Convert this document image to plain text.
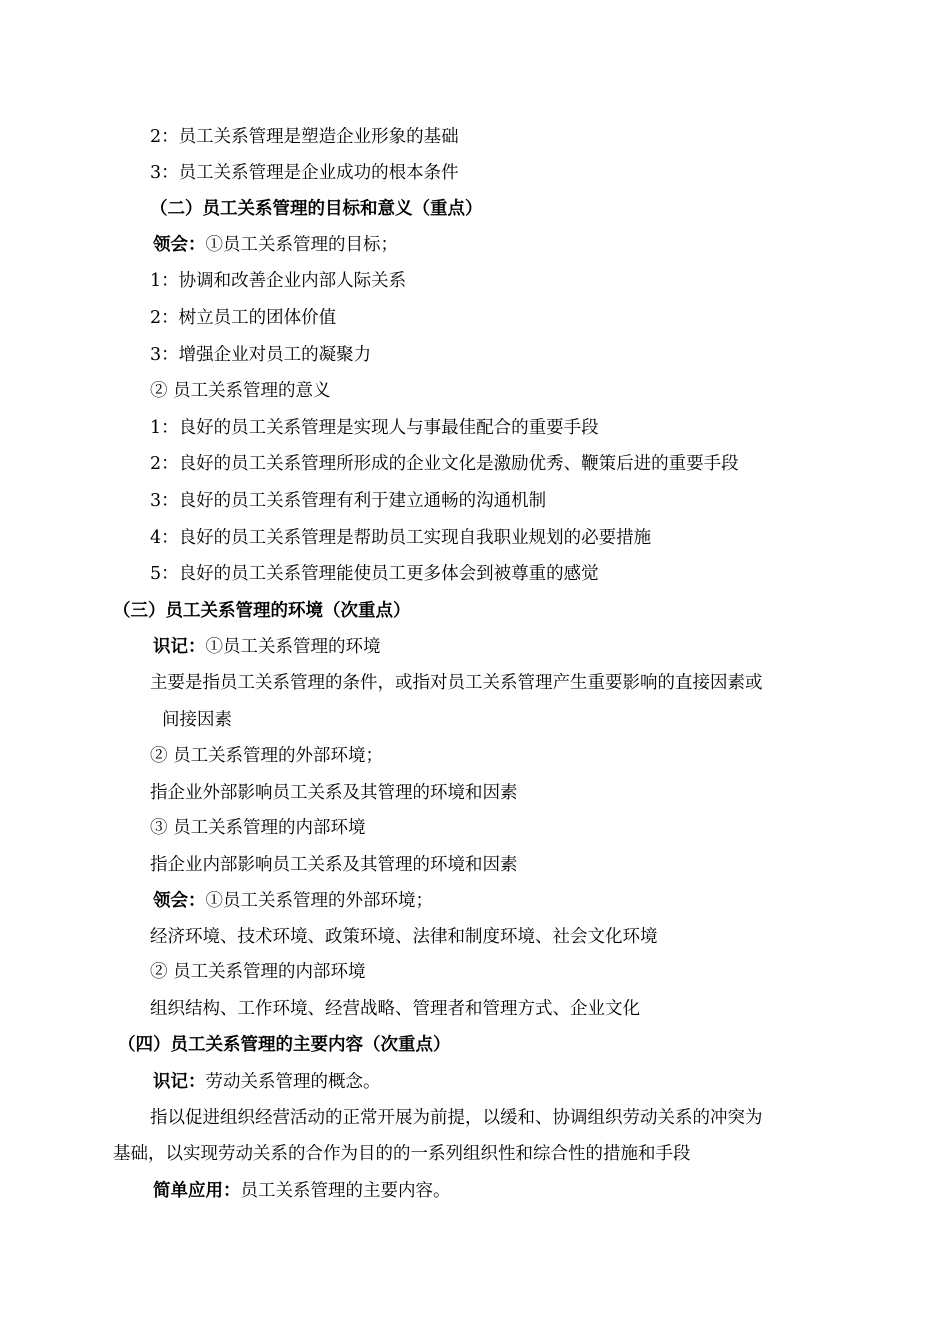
2：员工关系管理是塑造企业形象的基础
3：员工关系管理是企业成功的根本条件
（二）员工关系管理的目标和意义（重点）
领会：①员工关系管理的目标；
1：协调和改善企业内部人际关系
2：树立员工的团体价值
3：增强企业对员工的凝聚力
② 员工关系管理的意义
1：良好的员工关系管理是实现人与事最佳配合的重要手段
2：良好的员工关系管理所形成的企业文化是激励优秀、鞭策后进的重要手段
3：良好的员工关系管理有利于建立通畅的沟通机制
4：良好的员工关系管理是帮助员工实现自我职业规划的必要措施
5：良好的员工关系管理能使员工更多体会到被尊重的感觉
（三）员工关系管理的环境（次重点）
识记：①员工关系管理的环境
主要是指员工关系管理的条件，或指对员工关系管理产生重要影响的直接因素或
间接因素
② 员工关系管理的外部环境；
指企业外部影响员工关系及其管理的环境和因素
③ 员工关系管理的内部环境
指企业内部影响员工关系及其管理的环境和因素
领会：①员工关系管理的外部环境；
经济环境、技术环境、政策环境、法律和制度环境、社会文化环境
② 员工关系管理的内部环境
组织结构、工作环境、经营战略、管理者和管理方式、企业文化
（四）员工关系管理的主要内容（次重点）
识记：劳动关系管理的概念。
指以促进组织经营活动的正常开展为前提，以缓和、协调组织劳动关系的冲突为
基础，以实现劳动关系的合作为目的的一系列组织性和综合性的措施和手段
简单应用：员工关系管理的主要内容。
